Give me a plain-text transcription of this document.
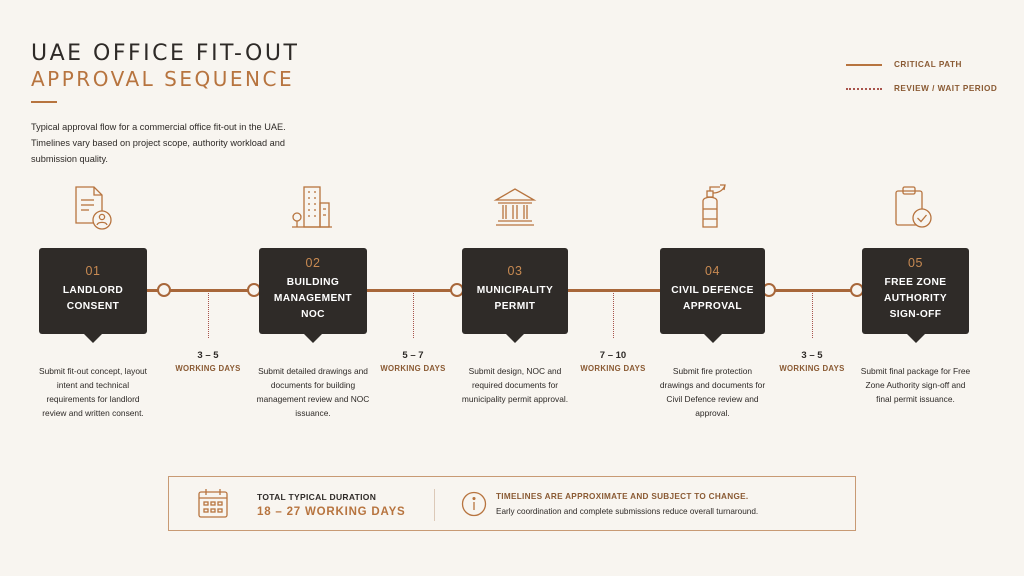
UAE OFFICE FIT-OUT
APPROVAL SEQUENCE
Typical approval flow for a commercial office fit-out in the UAE. Timelines vary based on project scope, authority workload and submission quality.
CRITICAL PATH
REVIEW / WAIT PERIOD
01
LANDLORD
CONSENT
02
BUILDING
MANAGEMENT
NOC
03
MUNICIPALITY
PERMIT
04
CIVIL DEFENCE
APPROVAL
05
FREE ZONE
AUTHORITY
SIGN-OFF
3 – 5
WORKING DAYS
5 – 7
WORKING DAYS
7 – 10
WORKING DAYS
3 – 5
WORKING DAYS
Submit fit-out concept, layout intent and technical requirements for landlord review and written consent.
Submit detailed drawings and documents for building management review and NOC issuance.
Submit design, NOC and required documents for municipality permit approval.
Submit fire protection drawings and documents for Civil Defence review and approval.
Submit final package for Free Zone Authority sign-off and final permit issuance.
TOTAL TYPICAL DURATION
18 – 27 WORKING DAYS
TIMELINES ARE APPROXIMATE AND SUBJECT TO CHANGE.
Early coordination and complete submissions reduce overall turnaround.
